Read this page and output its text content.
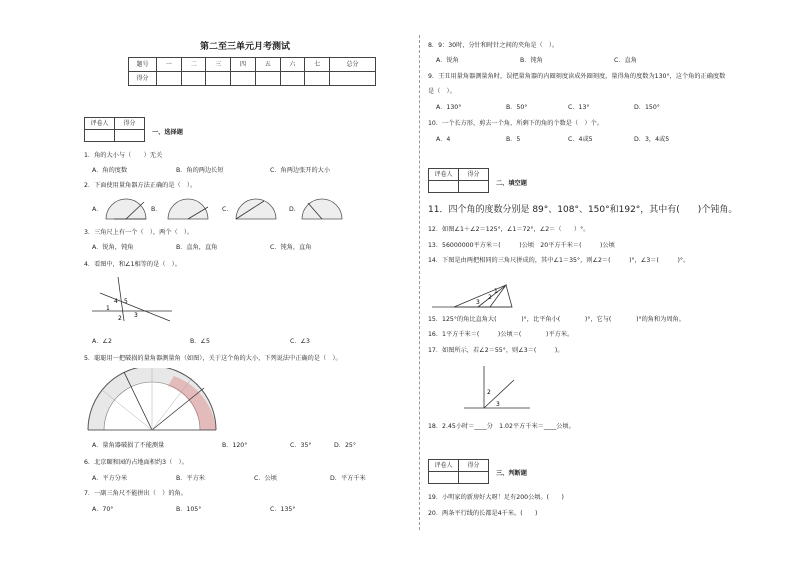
第二至三单元月考测试
题号	一	二	三	四	五	六	七	总分
得分								
评卷人	得分

一、选择题
1．角的大小与（　　）无关
A．角的度数	B．角的两边长短	C．角两边张开的大小
2．下面使用量角器方法正确的是（　）。
A．	B．	C．	D．
3．三角尺上有一个（　），两个（　）。
A．锐角，钝角	B．直角，直角	C．钝角，直角
4．看图中，和∠1相等的是（　）。
1
2 3
4 5
A．∠2	B．∠5	C．∠3
5．聪聪用一把破损的量角器测量角（如图），关于这个角的大小，下列说法中正确的是（　）。
A．量角器破损了不能测量	B．120°	C．35°	D．25°
6．北京颐和园的占地面积约3（　）。
A．平方分米	B．平方米	C．公顷	D．平方千米
7．一副三角尺不能拼出（　）的角。
A．70°	B．105°	C．135°
8．9：30时，分针和时针之间的夹角是（　）。
A．锐角	B．钝角	C．直角
9．王丑用量角器测量角时，误把量角器的内圈刻度读成外圈刻度，量得角的度数为130°，这个角的正确度数
是（　）。
A．130°	B．50°	C．13°	D．150°
10．一个长方形，剪去一个角，所剩下的角的个数是（　）个。
A．4	B．5	C．4或5	D．3，4或5
评卷人	得分

二、填空题
11．四个角的度数分别是 89°、108°、150°和192°，其中有(　　)个钝角。
12．如图∠1＋∠2＝125°，∠1＝72°，∠2＝（　　）°。
13．56000000平方米＝(　　　)公顷　20平方千米＝(　　　)公顷
14．下图是由两把相同的三角尺拼成的，其中∠1＝35°，则∠2＝(　　　)°，∠3＝(　　　)°。
1
2
3
15．125°的角比直角大(　　　　)°，比平角小(　　　　)°，它与(　　　　)°的角和为周角。
16．1平方千米＝(　　　)公顷＝(　　　　)平方米。
17．如图所示，若∠2＝55°，则∠3＝(　　　)。
2
3
18．2.45小时＝____分　1.02平方千米＝____公顷。
评卷人	得分

三、判断题
19．小明家的新房好大呀！足有200公顷。(　　)
20．两条平行线的长都是4千米。(　　)
